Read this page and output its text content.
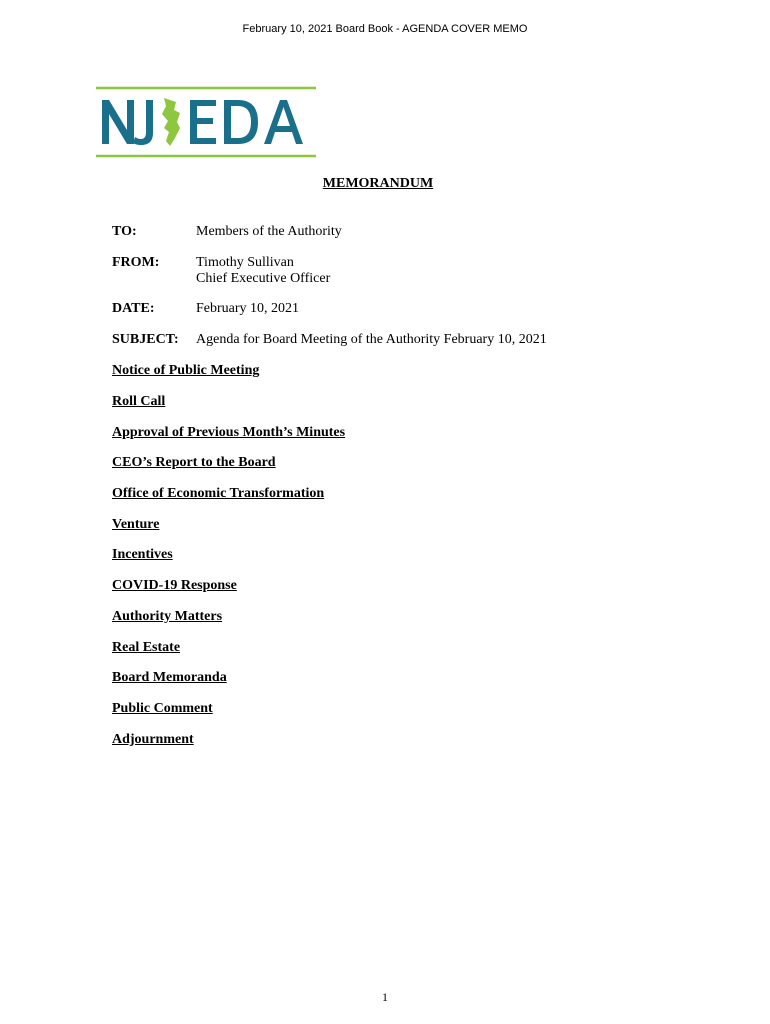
February 10, 2021 Board Book - AGENDA COVER MEMO
MEMORANDUM
TO:	Members of the Authority
FROM:	Timothy Sullivan
Chief Executive Officer
DATE:	February 10, 2021
SUBJECT: Agenda for Board Meeting of the Authority February 10, 2021
Notice of Public Meeting
Roll Call
Approval of Previous Month’s Minutes
CEO’s Report to the Board
Office of Economic Transformation
Venture
Incentives
COVID-19 Response
Authority Matters
Real Estate
Board Memoranda
Public Comment
Adjournment
1
